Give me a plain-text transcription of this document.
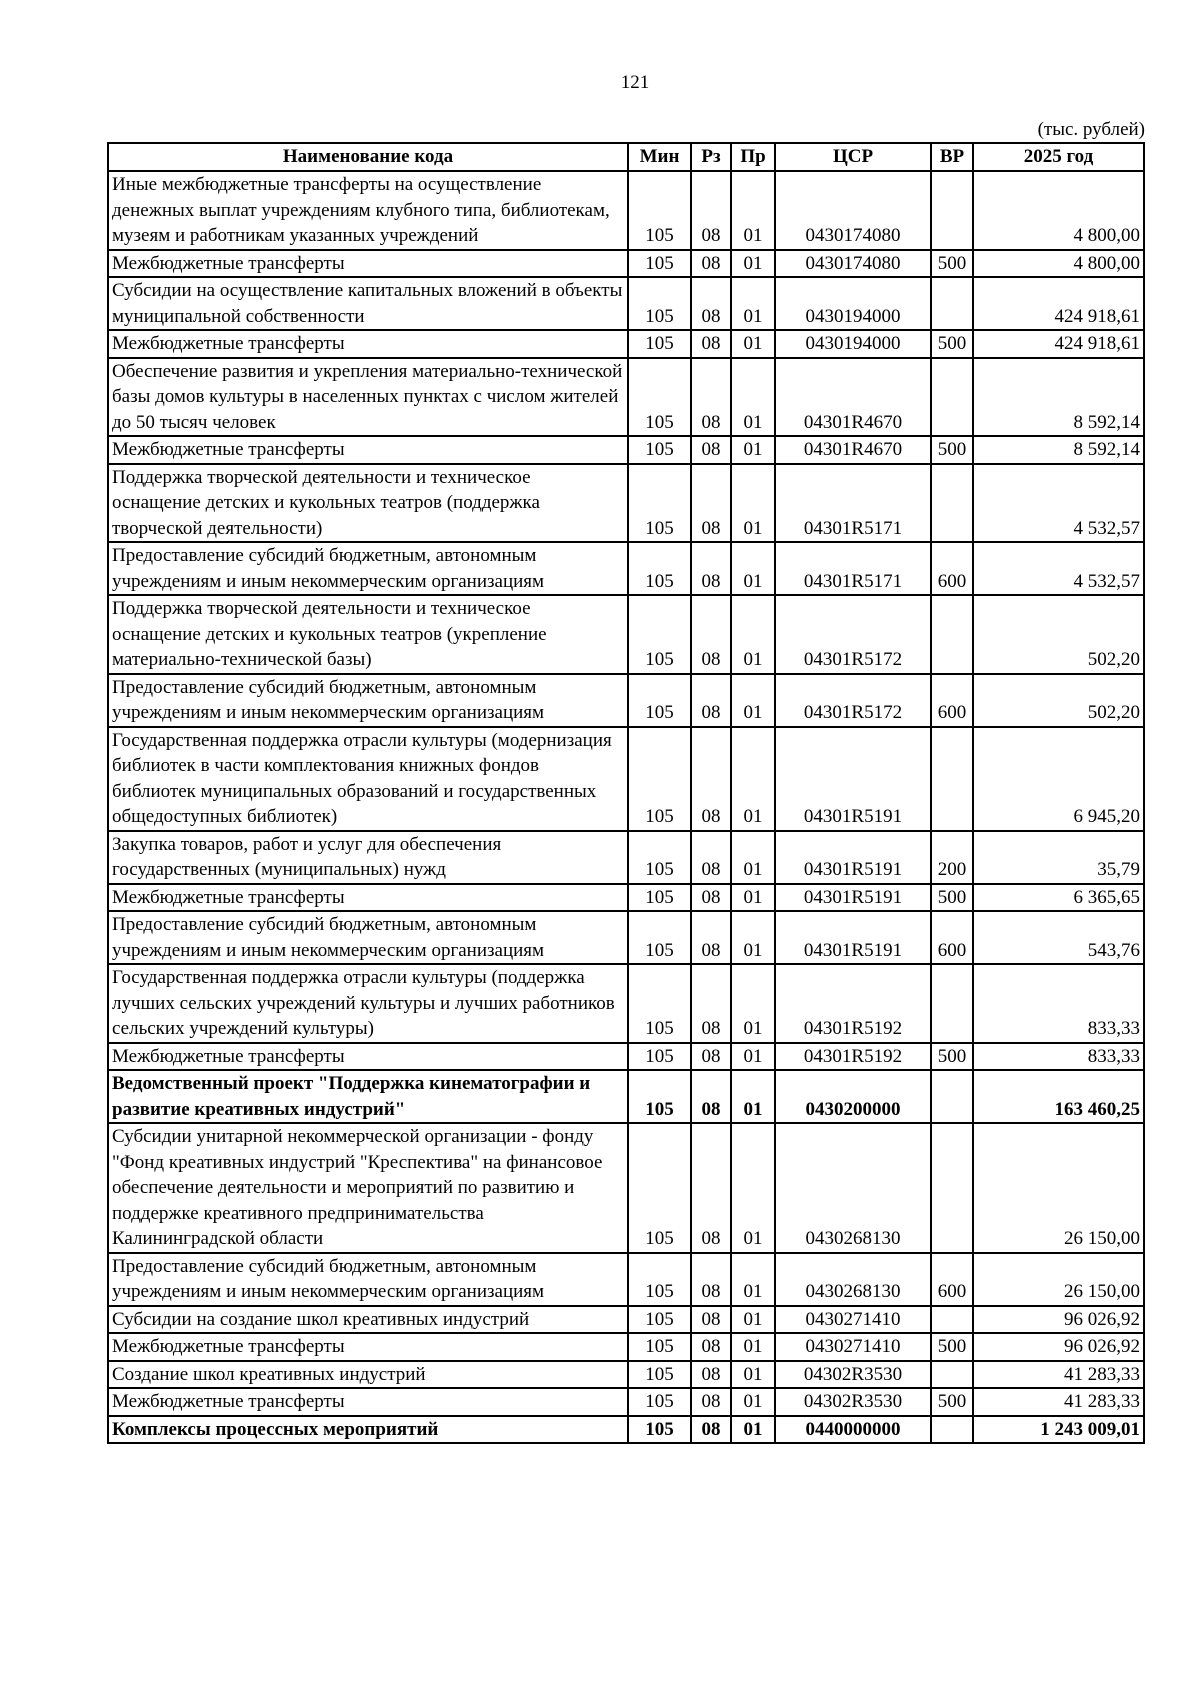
121
(тыс. рублей)
Наименование кода	Мин	Рз	Пр	ЦСР	ВР	2025 год
Иные межбюджетные трансферты на осуществление денежных выплат учреждениям клубного типа, библиотекам, музеям и работникам указанных учреждений	105	08	01	0430174080		4 800,00
Межбюджетные трансферты	105	08	01	0430174080	500	4 800,00
Субсидии на осуществление капитальных вложений в объекты муниципальной собственности	105	08	01	0430194000		424 918,61
Межбюджетные трансферты	105	08	01	0430194000	500	424 918,61
Обеспечение развития и укрепления материально-технической базы домов культуры в населенных пунктах с числом жителей до 50 тысяч человек	105	08	01	04301R4670		8 592,14
Межбюджетные трансферты	105	08	01	04301R4670	500	8 592,14
Поддержка творческой деятельности и техническое оснащение детских и кукольных театров (поддержка творческой деятельности)	105	08	01	04301R5171		4 532,57
Предоставление субсидий бюджетным, автономным учреждениям и иным некоммерческим организациям	105	08	01	04301R5171	600	4 532,57
Поддержка творческой деятельности и техническое оснащение детских и кукольных театров (укрепление материально-технической базы)	105	08	01	04301R5172		502,20
Предоставление субсидий бюджетным, автономным учреждениям и иным некоммерческим организациям	105	08	01	04301R5172	600	502,20
Государственная поддержка отрасли культуры (модернизация библиотек в части комплектования книжных фондов библиотек муниципальных образований и государственных общедоступных библиотек)	105	08	01	04301R5191		6 945,20
Закупка товаров, работ и услуг для обеспечения государственных (муниципальных) нужд	105	08	01	04301R5191	200	35,79
Межбюджетные трансферты	105	08	01	04301R5191	500	6 365,65
Предоставление субсидий бюджетным, автономным учреждениям и иным некоммерческим организациям	105	08	01	04301R5191	600	543,76
Государственная поддержка отрасли культуры (поддержка лучших сельских учреждений культуры и лучших работников сельских учреждений культуры)	105	08	01	04301R5192		833,33
Межбюджетные трансферты	105	08	01	04301R5192	500	833,33
Ведомственный проект "Поддержка кинематографии и развитие креативных индустрий"	105	08	01	0430200000		163 460,25
Субсидии унитарной некоммерческой организации - фонду "Фонд креативных индустрий "Креспектива" на финансовое обеспечение деятельности и мероприятий по развитию и поддержке креативного предпринимательства Калининградской области	105	08	01	0430268130		26 150,00
Предоставление субсидий бюджетным, автономным учреждениям и иным некоммерческим организациям	105	08	01	0430268130	600	26 150,00
Субсидии на создание школ креативных индустрий	105	08	01	0430271410		96 026,92
Межбюджетные трансферты	105	08	01	0430271410	500	96 026,92
Создание школ креативных индустрий	105	08	01	04302R3530		41 283,33
Межбюджетные трансферты	105	08	01	04302R3530	500	41 283,33
Комплексы процессных мероприятий	105	08	01	0440000000		1 243 009,01
